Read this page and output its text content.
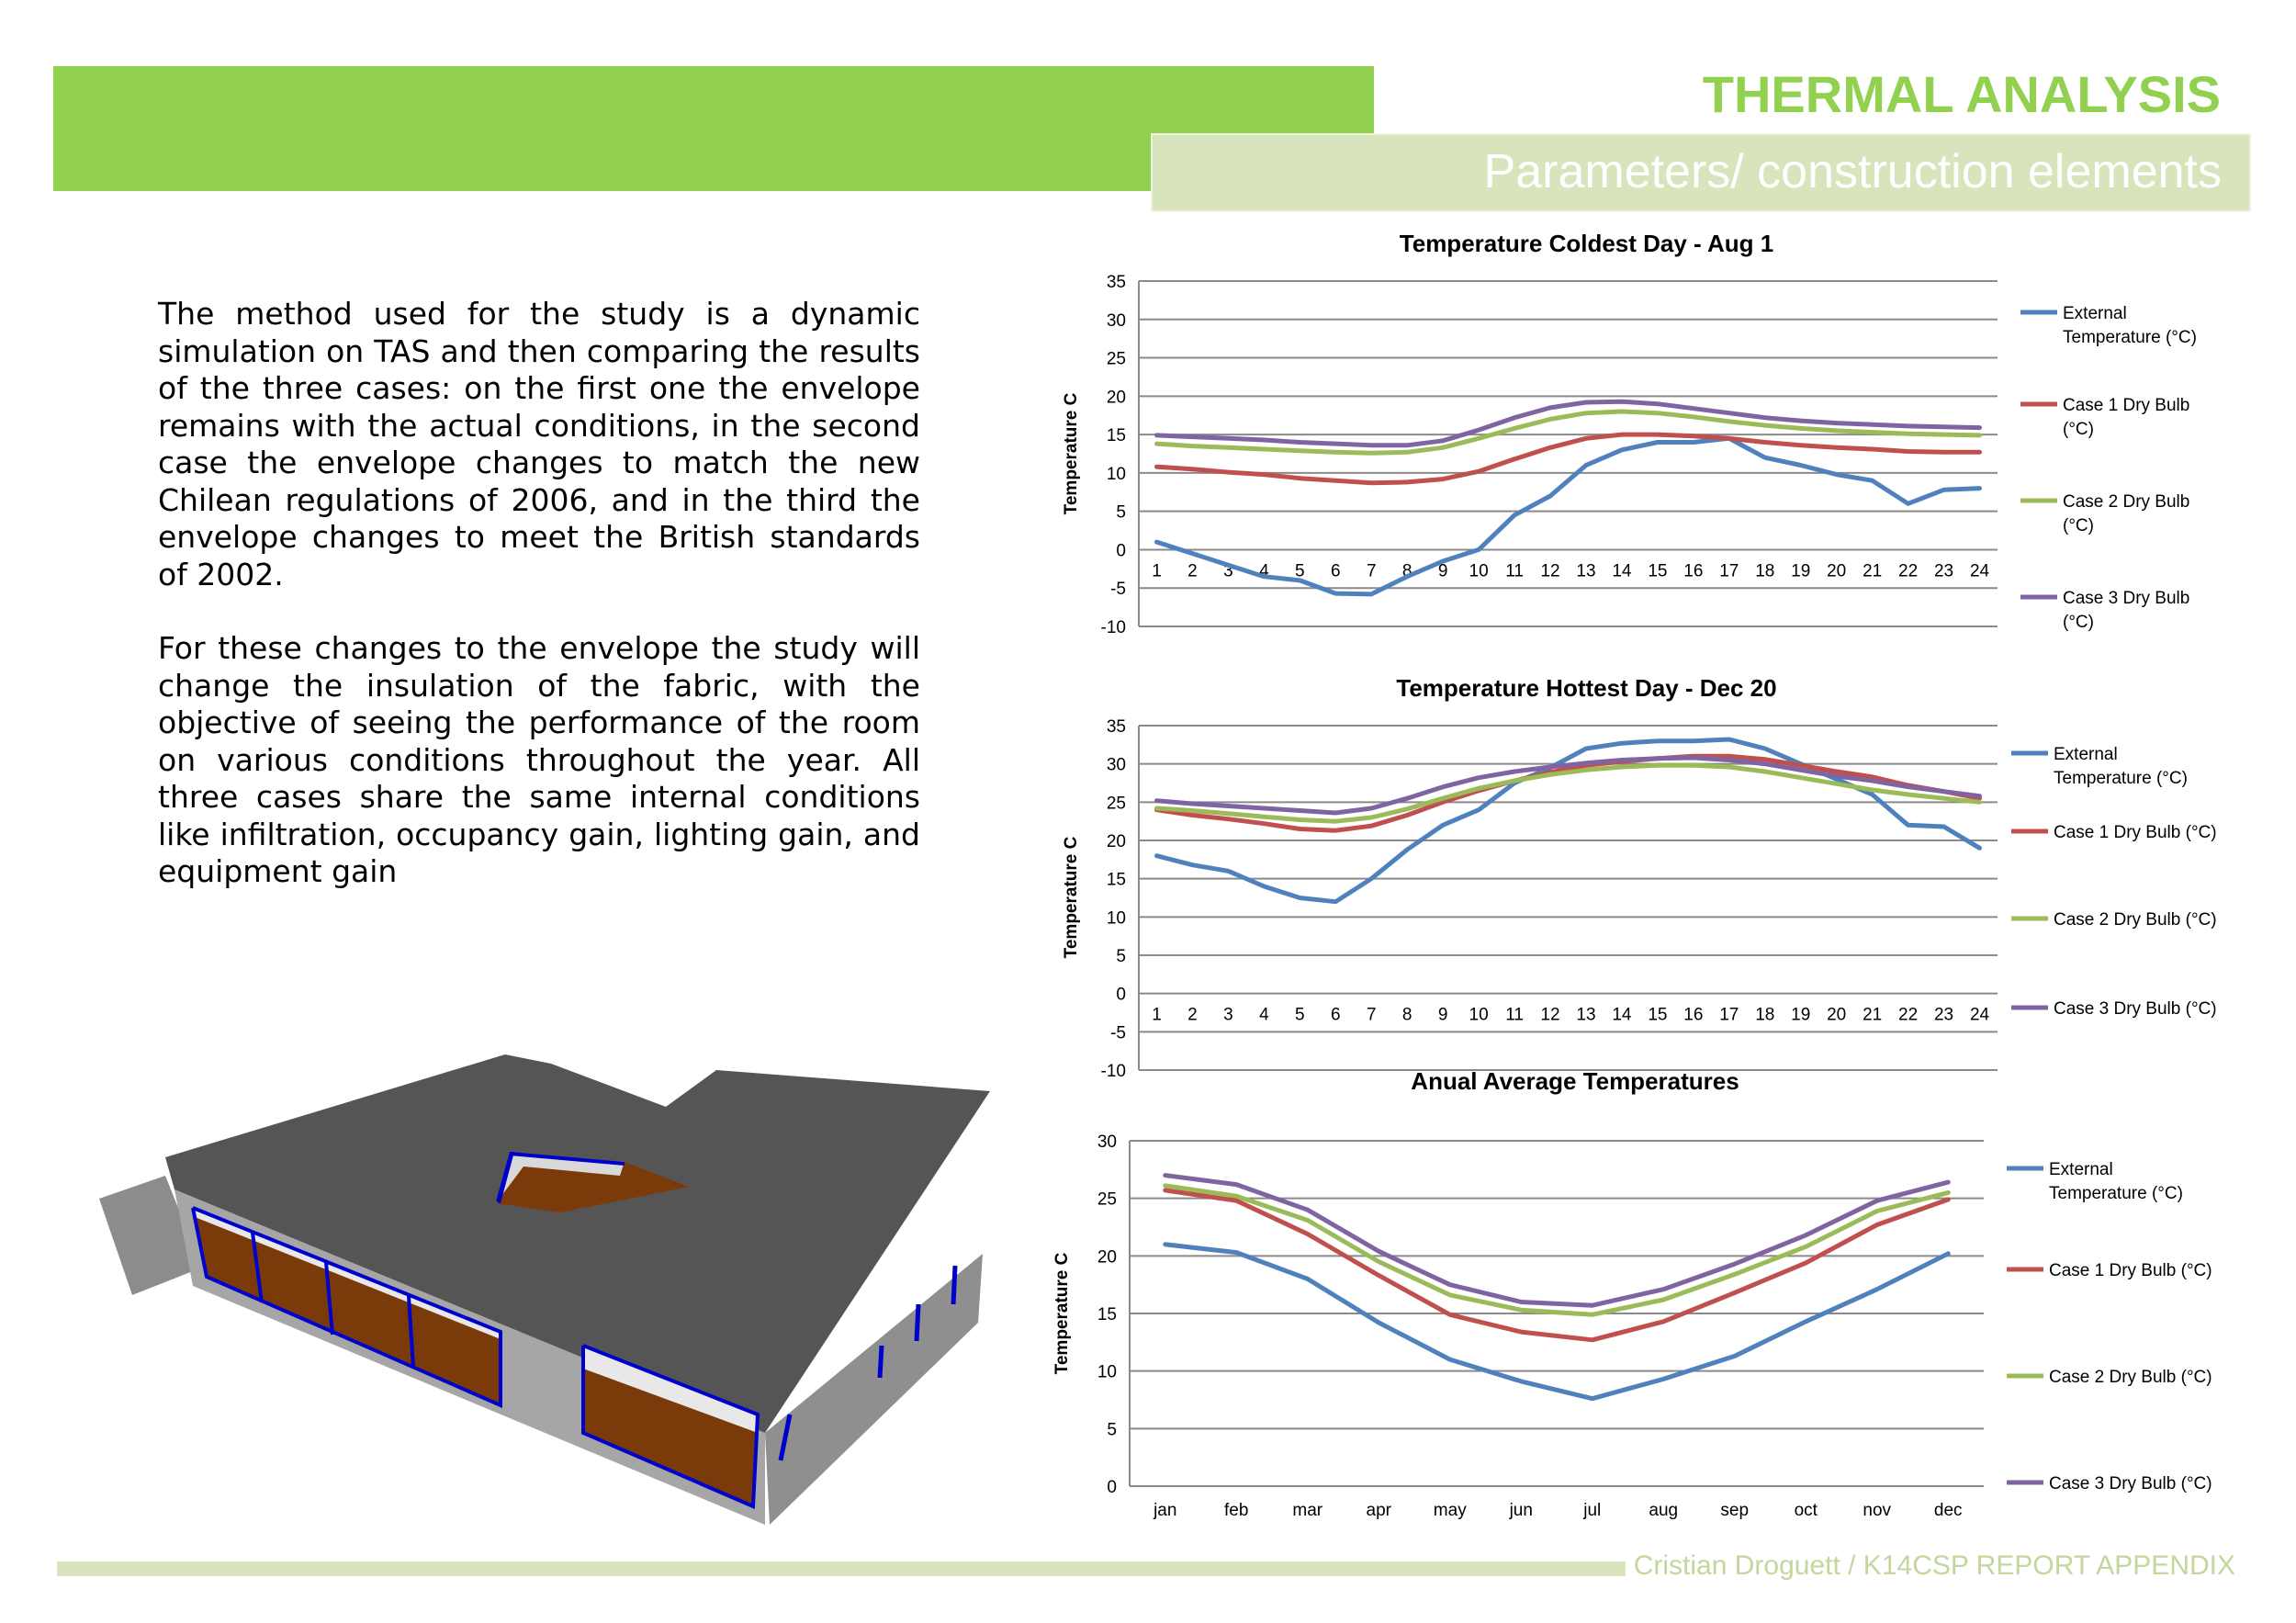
THERMAL ANALYSIS
Parameters/ construction elements

The method used for the study is a dynamic simulation on TAS and then comparing the results of the three cases: on the first one the envelope remains with the actual conditions, in the second case the envelope changes to match the new Chilean regulations of 2006, and in the third the envelope changes to meet the British standards of 2002.

For these changes to the envelope the study will change the insulation of the fabric, with the objective of seeing the performance of the room on various conditions throughout the year. All three cases share the same internal conditions like infiltration, occupancy gain, lighting gain, and equipment gain

Temperature Coldest Day - Aug 1
35
30
25
20
15
10
5
0
-5
-10
Temperature C
1 2 3 4 5 6 7 8 9 10 11 12 13 14 15 16 17 18 19 20 21 22 23 24
External
Temperature (°C)
Case 1 Dry Bulb
(°C)
Case 2 Dry Bulb
(°C)
Case 3 Dry Bulb
(°C)
Temperature Hottest Day - Dec 20
35
30
25
20
15
10
5
0
-5
-10
Temperature C
1 2 3 4 5 6 7 8 9 10 11 12 13 14 15 16 17 18 19 20 21 22 23 24
External
Temperature (°C)
Case 1 Dry Bulb (°C)
Case 2 Dry Bulb (°C)
Case 3 Dry Bulb (°C)
Anual Average Temperatures
30
25
20
15
10
5
0
Temperature C
jan	feb	mar apr may jun	jul	aug sep	oct	nov dec
External
Temperature (°C)
Case 1 Dry Bulb (°C)
Case 2 Dry Bulb (°C)
Case 3 Dry Bulb (°C)
Cristian Droguett / K14CSP REPORT APPENDIX
